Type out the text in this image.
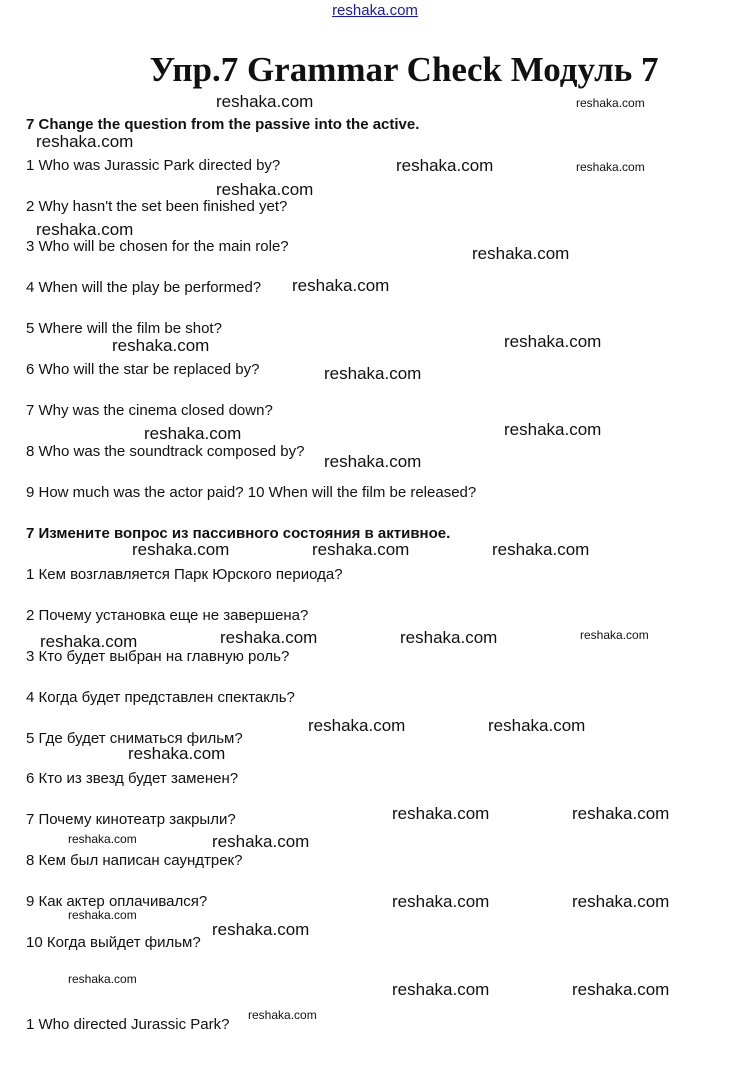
reshaka.com
Упр.7 Grammar Check Модуль 7
7 Change the question from the passive into the active.
1 Who was Jurassic Park directed by?
2 Why hasn't the set been finished yet?
3 Who will be chosen for the main role?
4 When will the play be performed?
5 Where will the film be shot?
6 Who will the star be replaced by?
7 Why was the cinema closed down?
8 Who was the soundtrack composed by?
9 How much was the actor paid? 10 When will the film be released?
7 Измените вопрос из пассивного состояния в активное.
1 Кем возглавляется Парк Юрского периода?
2 Почему установка еще не завершена?
3 Кто будет выбран на главную роль?
4 Когда будет представлен спектакль?
5 Где будет сниматься фильм?
6 Кто из звезд будет заменен?
7 Почему кинотеатр закрыли?
8 Кем был написан саундтрек?
9 Как актер оплачивался?
10 Когда выйдет фильм?
1 Who directed Jurassic Park?
reshaka.com	reshaka.com
reshaka.com
reshaka.com	reshaka.com
reshaka.com
reshaka.com
reshaka.com
reshaka.com
reshaka.com	reshaka.com
reshaka.com
reshaka.com	reshaka.com
reshaka.com
reshaka.com	reshaka.com	reshaka.com
reshaka.com	reshaka.com	reshaka.com	reshaka.com
reshaka.com	reshaka.com
reshaka.com
reshaka.com	reshaka.com
reshaka.com	reshaka.com
reshaka.com	reshaka.com
reshaka.com
reshaka.com
reshaka.com
reshaka.com	reshaka.com
reshaka.com
